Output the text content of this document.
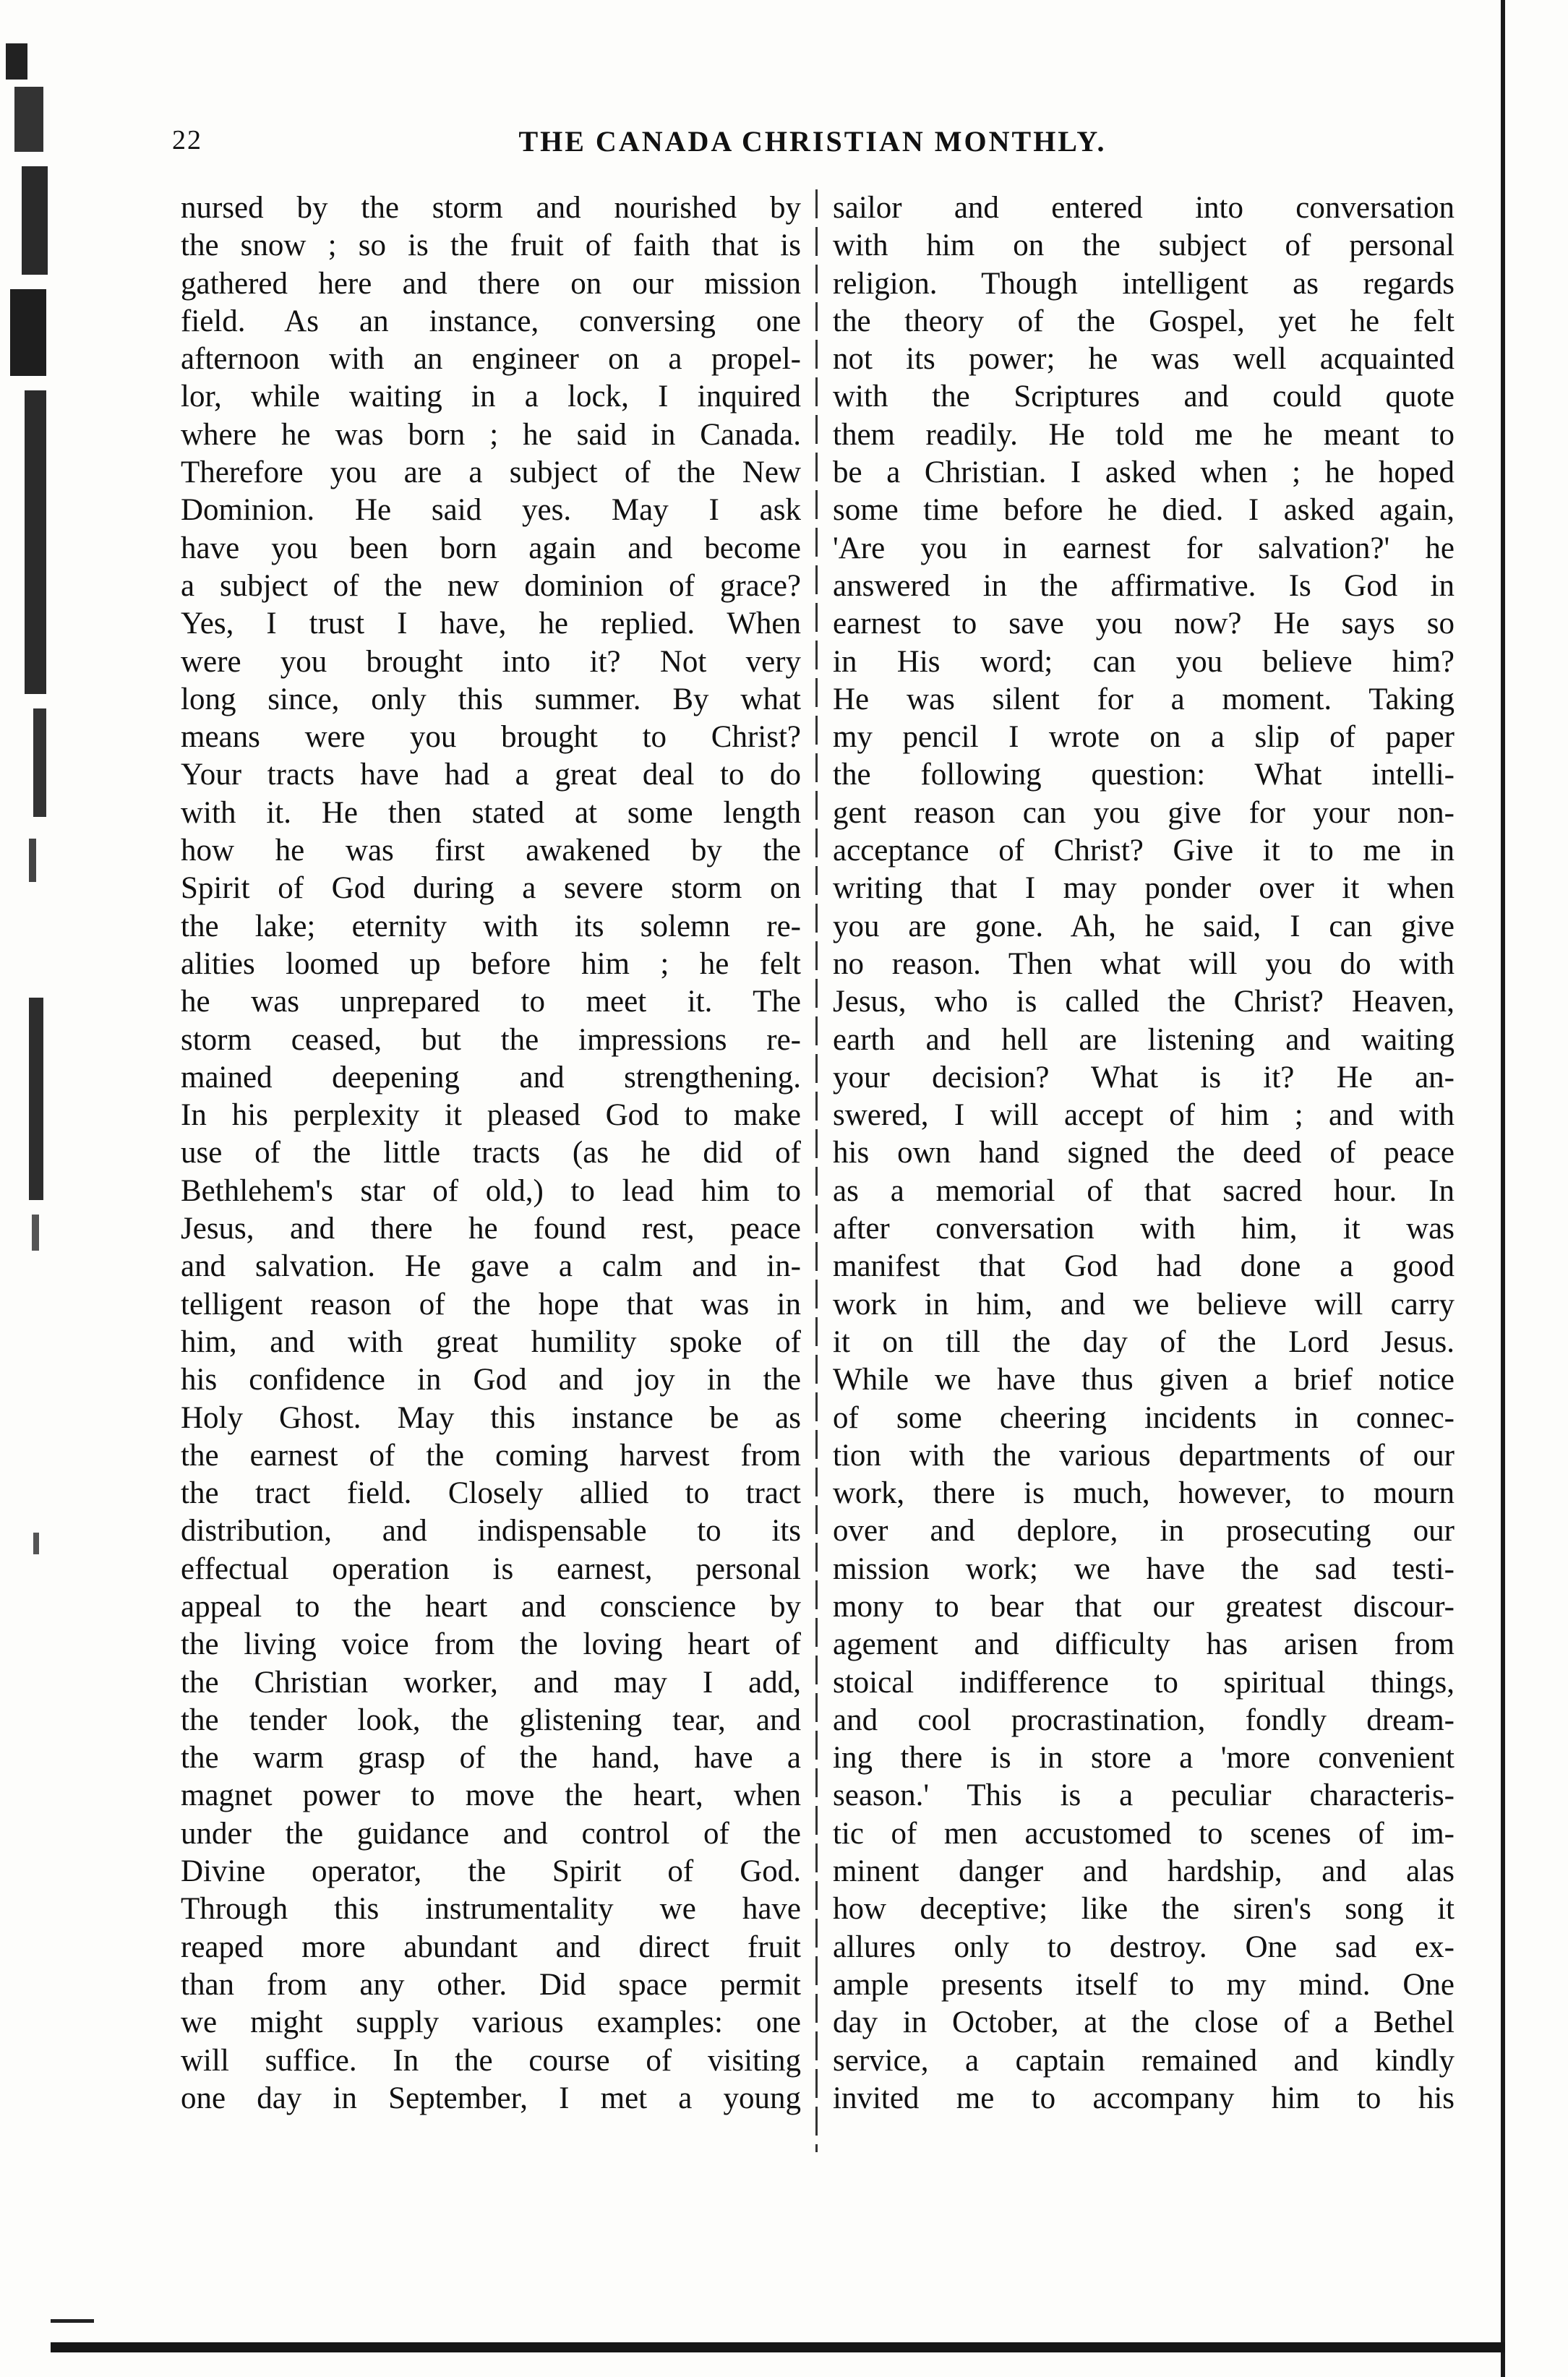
22	THE CANADA CHRISTIAN MONTHLY.
nursed by the storm and nourished by
the snow ; so is the fruit of faith that is
gathered here and there on our mission
field. As an instance, conversing one
afternoon with an engineer on a propel-
lor, while waiting in a lock, I inquired
where he was born ; he said in Canada.
Therefore you are a subject of the New
Dominion. He said yes. May I ask
have you been born again and become
a subject of the new dominion of grace?
Yes, I trust I have, he replied. When
were you brought into it? Not very
long since, only this summer. By what
means were you brought to Christ?
Your tracts have had a great deal to do
with it. He then stated at some length
how he was first awakened by the
Spirit of God during a severe storm on
the lake; eternity with its solemn re-
alities loomed up before him ; he felt
he was unprepared to meet it. The
storm ceased, but the impressions re-
mained deepening and strengthening.
In his perplexity it pleased God to make
use of the little tracts (as he did of
Bethlehem's star of old,) to lead him to
Jesus, and there he found rest, peace
and salvation. He gave a calm and in-
telligent reason of the hope that was in
him, and with great humility spoke of
his confidence in God and joy in the
Holy Ghost. May this instance be as
the earnest of the coming harvest from
the tract field. Closely allied to tract
distribution, and indispensable to its
effectual operation is earnest, personal
appeal to the heart and conscience by
the living voice from the loving heart of
the Christian worker, and may I add,
the tender look, the glistening tear, and
the warm grasp of the hand, have a
magnet power to move the heart, when
under the guidance and control of the
Divine operator, the Spirit of God.
Through this instrumentality we have
reaped more abundant and direct fruit
than from any other. Did space permit
we might supply various examples: one
will suffice. In the course of visiting
one day in September, I met a young
sailor and entered into conversation
with him on the subject of personal
religion. Though intelligent as regards
the theory of the Gospel, yet he felt
not its power; he was well acquainted
with the Scriptures and could quote
them readily. He told me he meant to
be a Christian. I asked when ; he hoped
some time before he died. I asked again,
'Are you in earnest for salvation?' he
answered in the affirmative. Is God in
earnest to save you now? He says so
in His word; can you believe him?
He was silent for a moment. Taking
my pencil I wrote on a slip of paper
the following question: What intelli-
gent reason can you give for your non-
acceptance of Christ? Give it to me in
writing that I may ponder over it when
you are gone. Ah, he said, I can give
no reason. Then what will you do with
Jesus, who is called the Christ? Heaven,
earth and hell are listening and waiting
your decision? What is it? He an-
swered, I will accept of him ; and with
his own hand signed the deed of peace
as a memorial of that sacred hour. In
after conversation with him, it was
manifest that God had done a good
work in him, and we believe will carry
it on till the day of the Lord Jesus.
While we have thus given a brief notice
of some cheering incidents in connec-
tion with the various departments of our
work, there is much, however, to mourn
over and deplore, in prosecuting our
mission work; we have the sad testi-
mony to bear that our greatest discour-
agement and difficulty has arisen from
stoical indifference to spiritual things,
and cool procrastination, fondly dream-
ing there is in store a 'more convenient
season.' This is a peculiar characteris-
tic of men accustomed to scenes of im-
minent danger and hardship, and alas
how deceptive; like the siren's song it
allures only to destroy. One sad ex-
ample presents itself to my mind. One
day in October, at the close of a Bethel
service, a captain remained and kindly
invited me to accompany him to his
